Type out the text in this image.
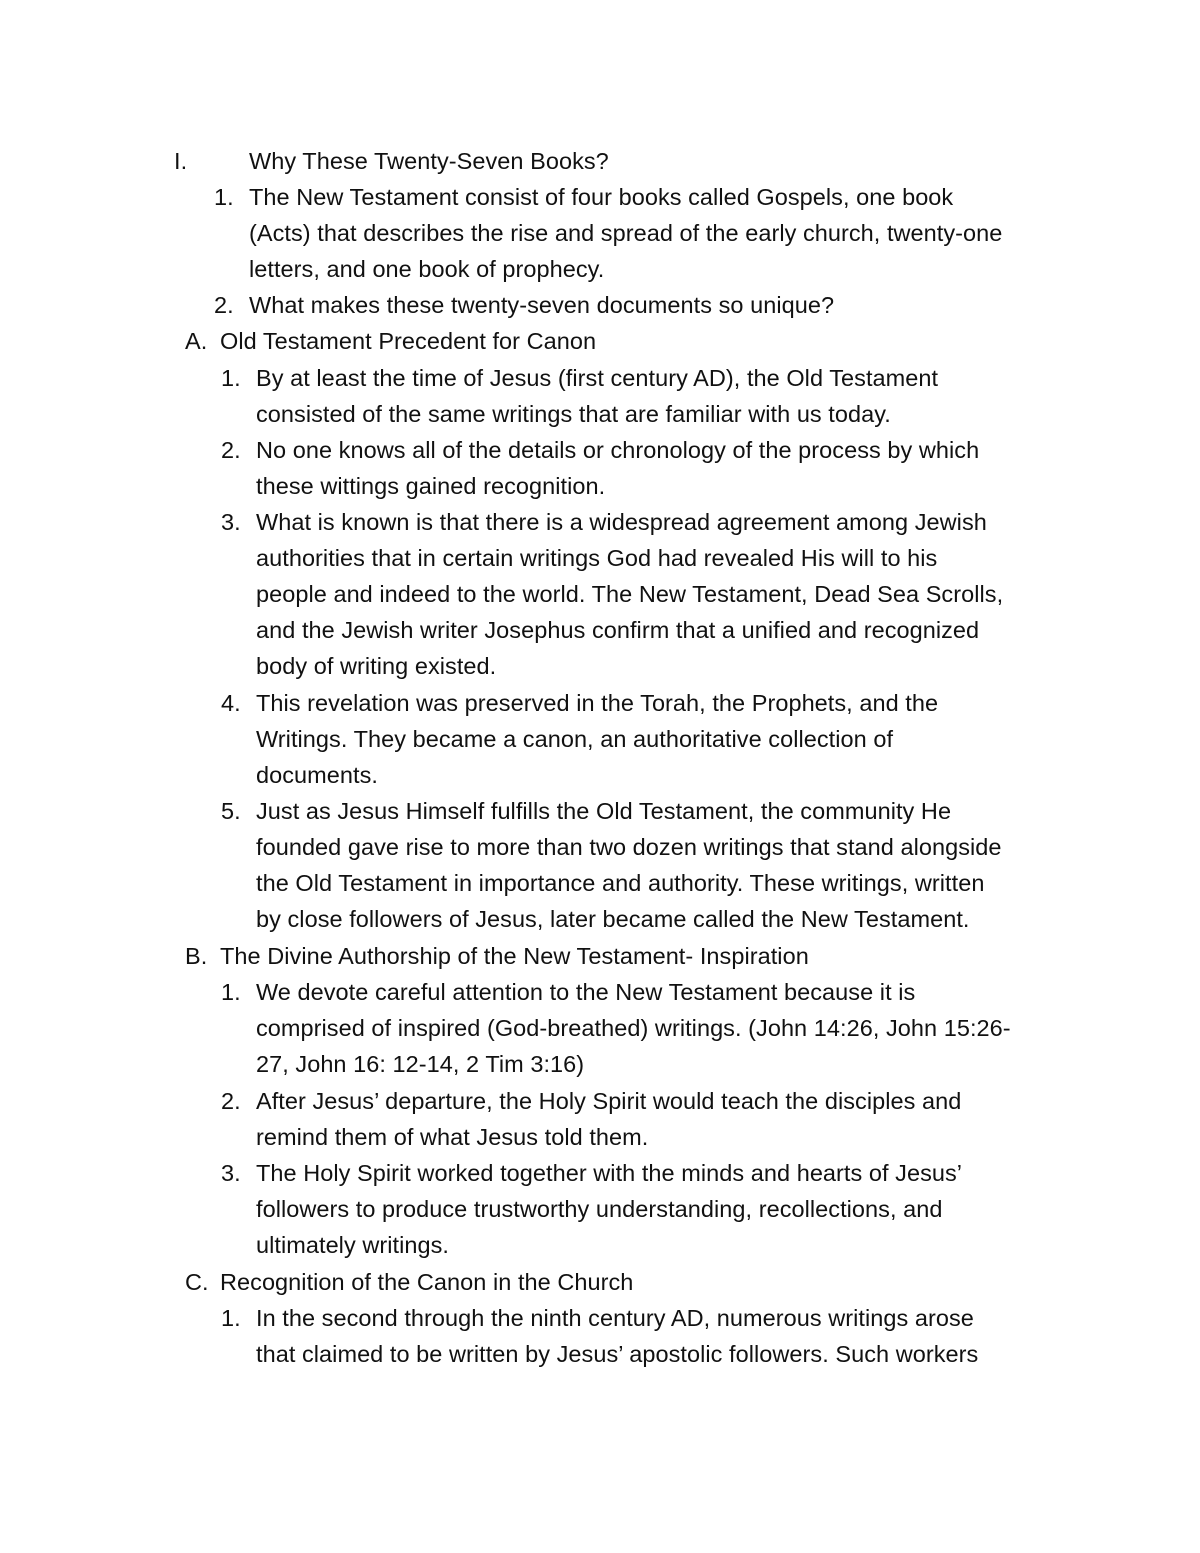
I.	Why These Twenty-Seven Books?
1. The New Testament consist of four books called Gospels, one book
(Acts) that describes the rise and spread of the early church, twenty-one
letters, and one book of prophecy.
2. What makes these twenty-seven documents so unique?
A. Old Testament Precedent for Canon
1. By at least the time of Jesus (first century AD), the Old Testament
consisted of the same writings that are familiar with us today.
2. No one knows all of the details or chronology of the process by which
these wittings gained recognition.
3. What is known is that there is a widespread agreement among Jewish
authorities that in certain writings God had revealed His will to his
people and indeed to the world. The New Testament, Dead Sea Scrolls,
and the Jewish writer Josephus confirm that a unified and recognized
body of writing existed.
4. This revelation was preserved in the Torah, the Prophets, and the
Writings. They became a canon, an authoritative collection of
documents.
5. Just as Jesus Himself fulfills the Old Testament, the community He
founded gave rise to more than two dozen writings that stand alongside
the Old Testament in importance and authority. These writings, written
by close followers of Jesus, later became called the New Testament.
B. The Divine Authorship of the New Testament- Inspiration
1. We devote careful attention to the New Testament because it is
comprised of inspired (God-breathed) writings. (John 14:26, John 15:26-
27, John 16: 12-14, 2 Tim 3:16)
2. After Jesus’ departure, the Holy Spirit would teach the disciples and
remind them of what Jesus told them.
3. The Holy Spirit worked together with the minds and hearts of Jesus’
followers to produce trustworthy understanding, recollections, and
ultimately writings.
C. Recognition of the Canon in the Church
1. In the second through the ninth century AD, numerous writings arose
that claimed to be written by Jesus’ apostolic followers. Such workers
